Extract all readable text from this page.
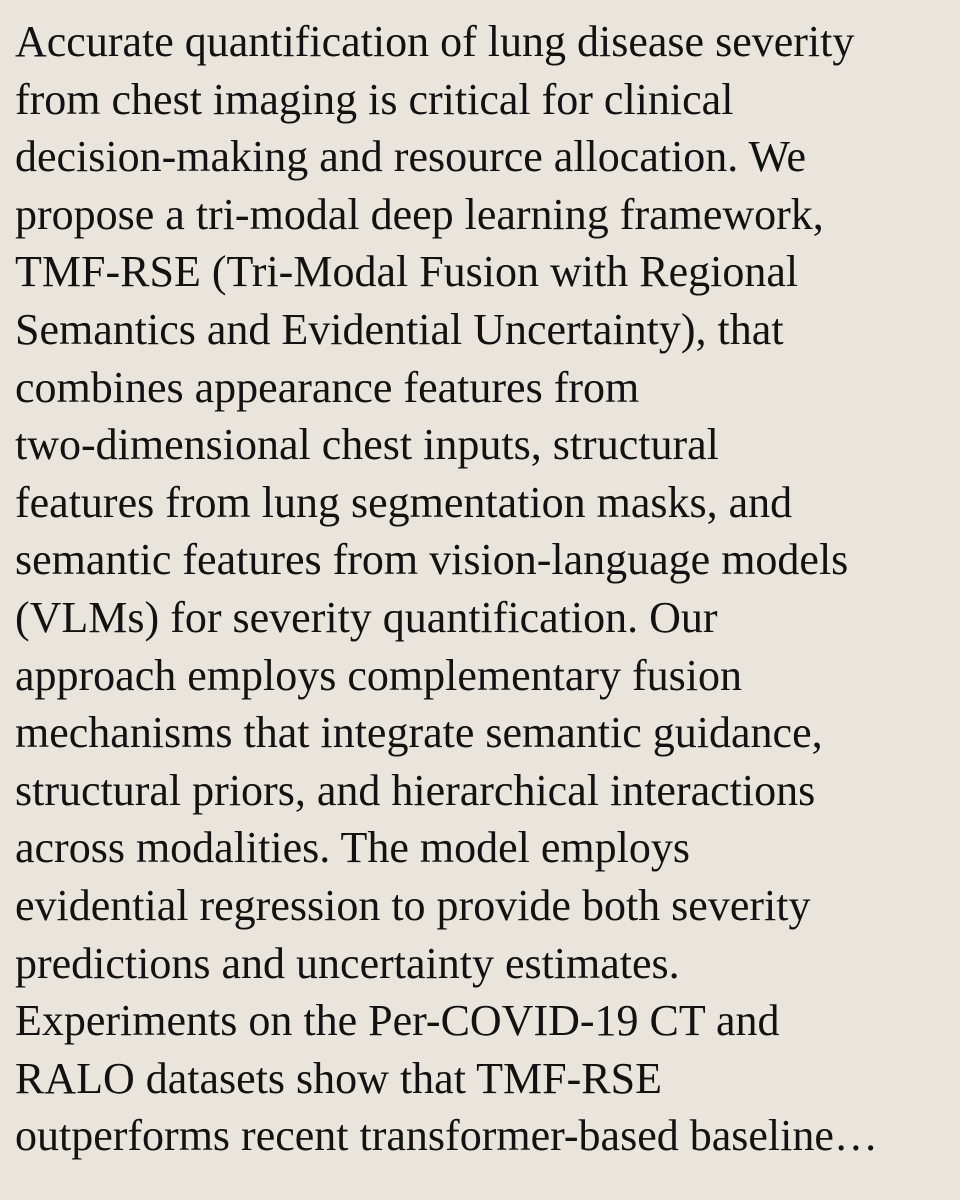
Accurate quantification of lung disease severity
from chest imaging is critical for clinical
decision-making and resource allocation. We
propose a tri-modal deep learning framework,
TMF-RSE (Tri-Modal Fusion with Regional
Semantics and Evidential Uncertainty), that
combines appearance features from
two-dimensional chest inputs, structural
features from lung segmentation masks, and
semantic features from vision-language models
(VLMs) for severity quantification. Our
approach employs complementary fusion
mechanisms that integrate semantic guidance,
structural priors, and hierarchical interactions
across modalities. The model employs
evidential regression to provide both severity
predictions and uncertainty estimates.
Experiments on the Per-COVID-19 CT and
RALO datasets show that TMF-RSE
outperforms recent transformer-based baseline…
